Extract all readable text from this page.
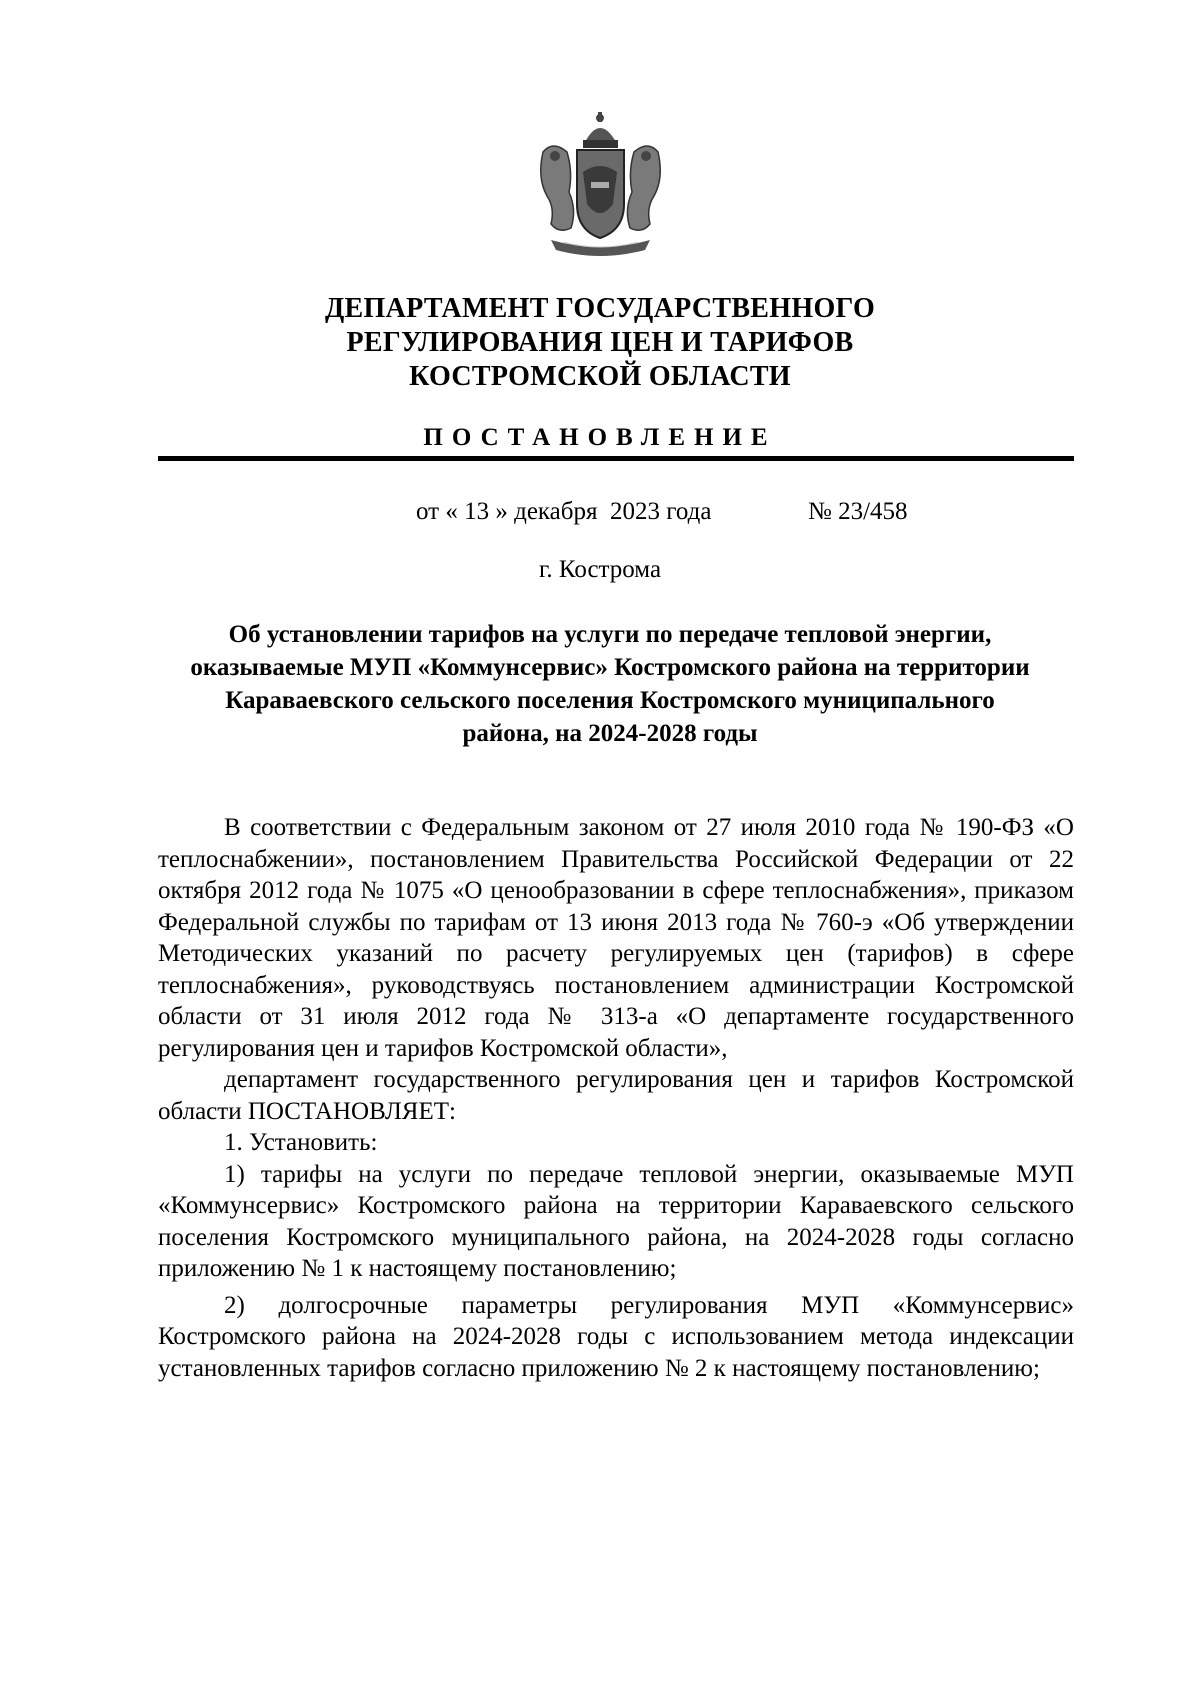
ДЕПАРТАМЕНТ ГОСУДАРСТВЕННОГО
РЕГУЛИРОВАНИЯ ЦЕН И ТАРИФОВ
КОСТРОМСКОЙ ОБЛАСТИ
ПОСТАНОВЛЕНИЕ
от « 13 » декабря  2023 года	№ 23/458
г. Кострома
Об установлении тарифов на услуги по передаче тепловой энергии,
оказываемые МУП «Коммунсервис» Костромского района на территории
Караваевского сельского поселения Костромского муниципального
района, на 2024-2028 годы

В соответствии с Федеральным законом от 27 июля 2010 года № 190-ФЗ «О теплоснабжении», постановлением Правительства Российской Федерации от 22 октября 2012 года № 1075 «О ценообразовании в сфере теплоснабжения», приказом Федеральной службы по тарифам от 13 июня 2013 года № 760-э «Об утверждении Методических указаний по расчету регулируемых цен (тарифов) в сфере теплоснабжения», руководствуясь постановлением администрации Костромской области от 31 июля 2012 года № 313-а «О департаменте государственного регулирования цен и тарифов Костромской области»,

департамент государственного регулирования цен и тарифов Костромской области ПОСТАНОВЛЯЕТ:

1. Установить:

1) тарифы на услуги по передаче тепловой энергии, оказываемые МУП «Коммунсервис» Костромского района на территории Караваевского сельского поселения Костромского муниципального района, на 2024-2028 годы согласно приложению № 1 к настоящему постановлению;

2) долгосрочные параметры регулирования МУП «Коммунсервис» Костромского района на 2024-2028 годы с использованием метода индексации установленных тарифов согласно приложению № 2 к настоящему постановлению;
